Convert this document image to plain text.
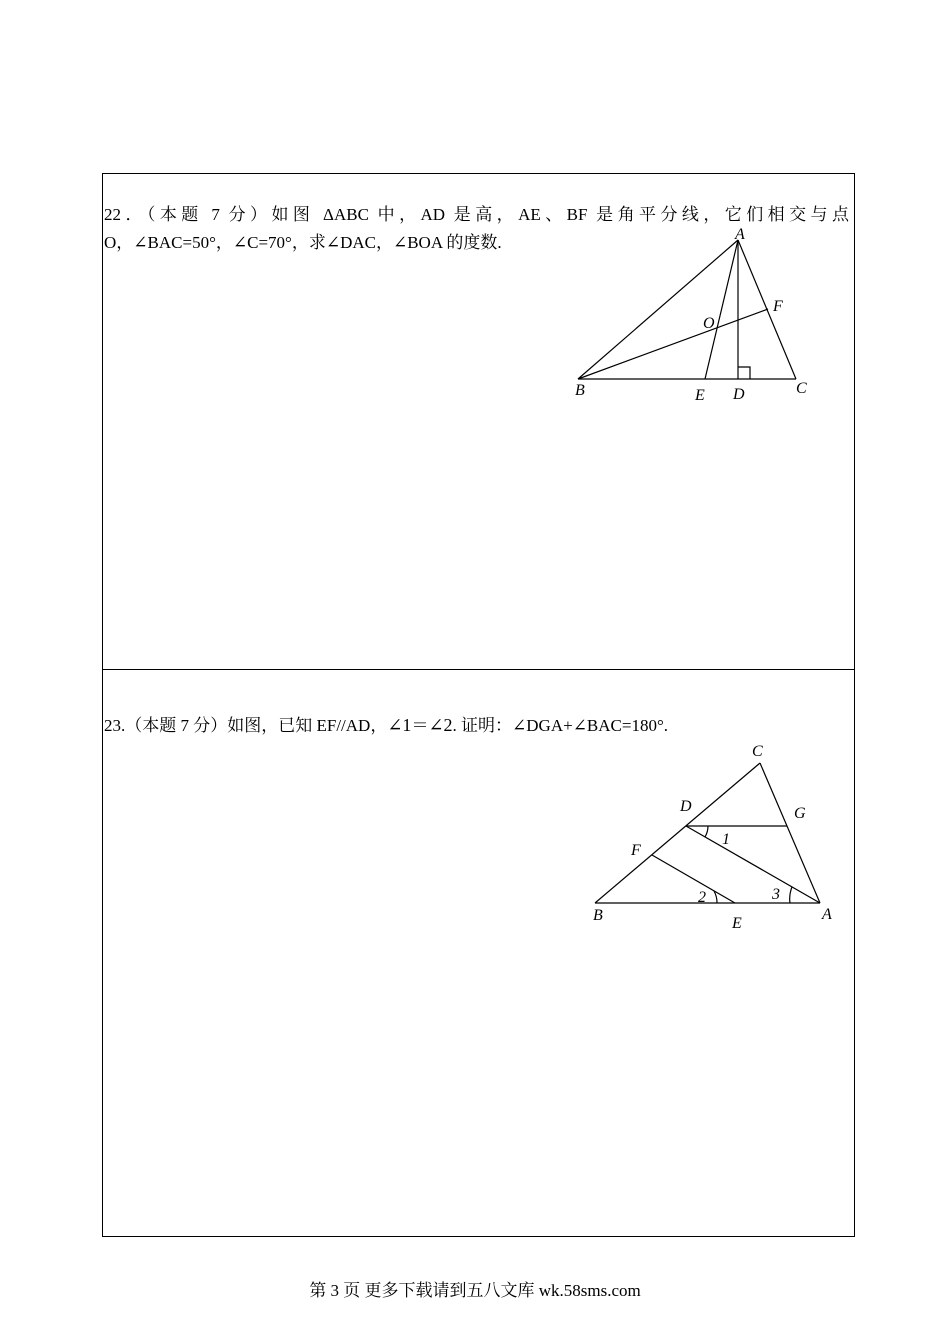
22．（本题 7 分）如图 ΔABC 中，AD 是高，AE、BF 是角平分线，它们相交与点
O，∠BAC=50°，∠C=70°，求∠DAC，∠BOA 的度数.	A
B	C
D
E
F
O
23.（本题 7 分）如图，已知 EF//AD，∠1＝∠2. 证明：∠DGA+∠BAC=180°.
C
D	G
F
B	E
A
1
2	3
第 3 页 更多下载请到五八文库 wk.58sms.com
